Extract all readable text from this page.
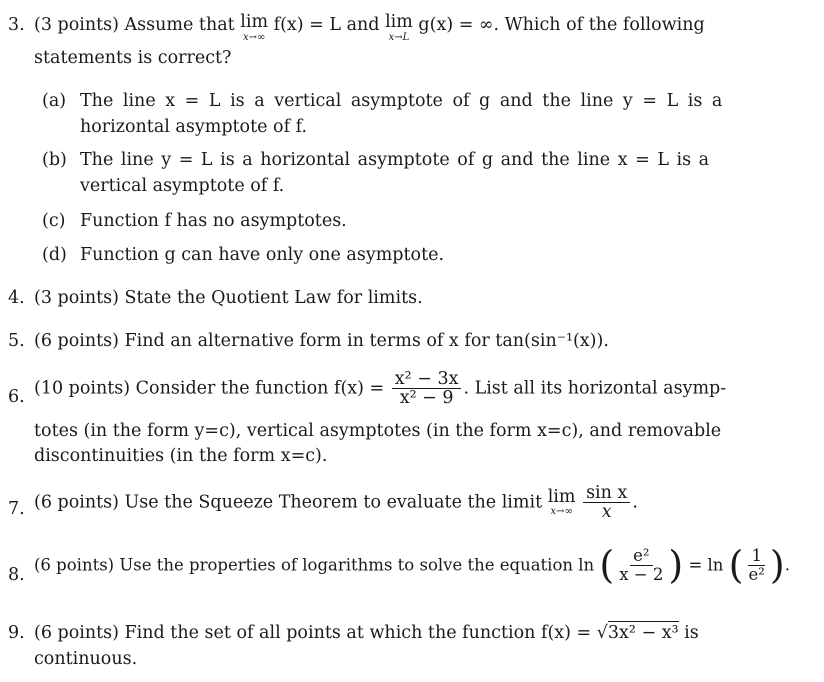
3. (3 points) Assume that lim
x→∞
f(x) = L and lim
x→L
g(x) = ∞. Which of the following
statements is correct?
(a) The line x = L is a vertical asymptote of g and the line y = L is a
horizontal asymptote of f.
(b) The line y = L is a horizontal asymptote of g and the line x = L is a
vertical asymptote of f.
(c) Function f has no asymptotes.
(d) Function g can have only one asymptote.
4. (3 points) State the Quotient Law for limits.
5. (6 points) Find an alternative form in terms of x for tan(sin⁻¹(x)).
6. (10 points) Consider the function $f(x) = \frac{\text{x² − 3x}}{\text{x² − 9}}$ . List all its horizontal asymp-
totes (in the form y=c), vertical asymptotes (in the form x=c), and removable
discontinuities (in the form x=c).
7. (6 points) Use the Squeeze Theorem to evaluate the limit lim
x→∞
$\frac{\text{sin x}}{x}$ .
8.
(6 points) Use the properties of logarithms to solve the equation ln ( $\frac{\text{e²}}{x - 2}$ ) = ln ( $\frac{1}{\text{e²}}$ ).
9. (6 points) Find the set of all points at which the function f(x) = √3x² − x³ is
continuous.
